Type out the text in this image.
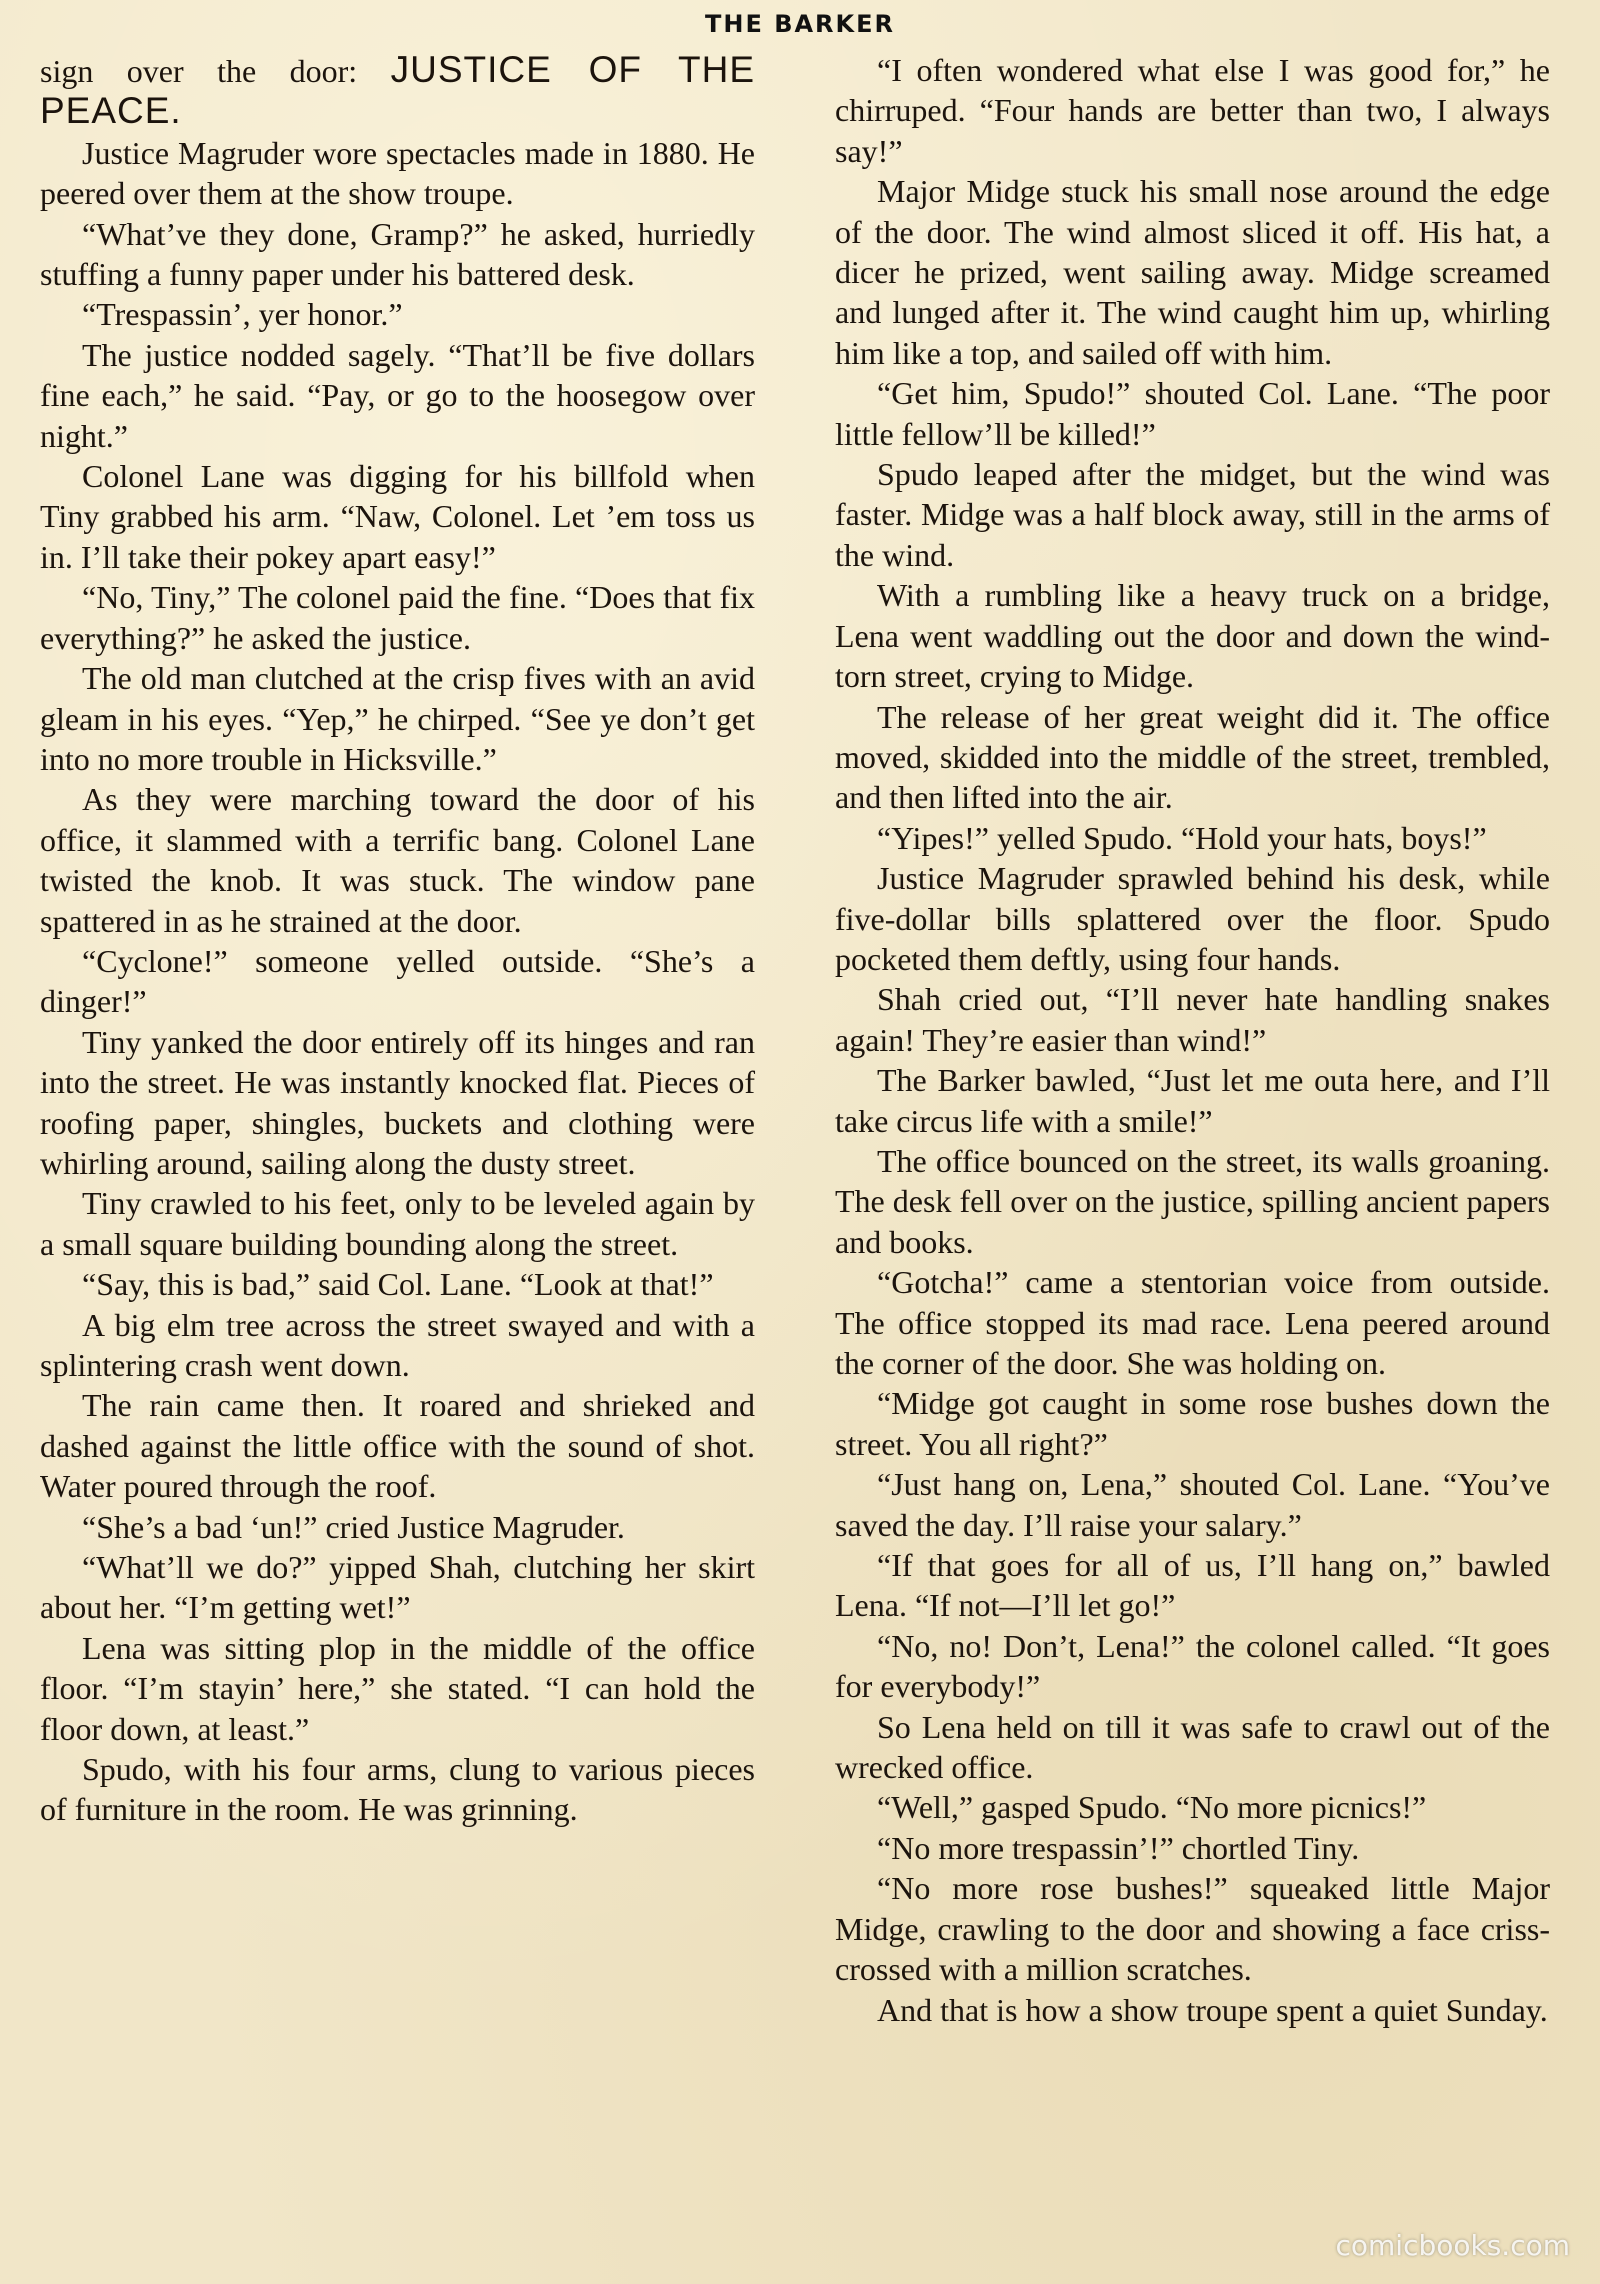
THE BARKER

sign over the door: JUSTICE OF THE PEACE.

Justice Magruder wore spectacles made in 1880. He peered over them at the show troupe.

“What’ve they done, Gramp?” he asked, hurriedly stuffing a funny paper under his battered desk.

“Trespassin’, yer honor.”

The justice nodded sagely. “That’ll be five dollars fine each,” he said. “Pay, or go to the hoosegow over night.”

Colonel Lane was digging for his billfold when Tiny grabbed his arm. “Naw, Colonel. Let ’em toss us in. I’ll take their pokey apart easy!”

“No, Tiny,” The colonel paid the fine. “Does that fix everything?” he asked the justice.

The old man clutched at the crisp fives with an avid gleam in his eyes. “Yep,” he chirped. “See ye don’t get into no more trouble in Hicksville.”

As they were marching toward the door of his office, it slammed with a terrific bang. Colonel Lane twisted the knob. It was stuck. The window pane spattered in as he strained at the door.

“Cyclone!” someone yelled outside. “She’s a dinger!”

Tiny yanked the door entirely off its hinges and ran into the street. He was instantly knocked flat. Pieces of roofing paper, shingles, buckets and clothing were whirling around, sailing along the dusty street.

Tiny crawled to his feet, only to be leveled again by a small square building bounding along the street.

“Say, this is bad,” said Col. Lane. “Look at that!”

A big elm tree across the street swayed and with a splintering crash went down.

The rain came then. It roared and shrieked and dashed against the little office with the sound of shot. Water poured through the roof.

“She’s a bad ‘un!” cried Justice Magruder.

“What’ll we do?” yipped Shah, clutching her skirt about her. “I’m getting wet!”

Lena was sitting plop in the middle of the office floor. “I’m stayin’ here,” she stated. “I can hold the floor down, at least.”

Spudo, with his four arms, clung to various pieces of furniture in the room. He was grinning.

“I often wondered what else I was good for,” he chirruped. “Four hands are better than two, I always say!”

Major Midge stuck his small nose around the edge of the door. The wind almost sliced it off. His hat, a dicer he prized, went sailing away. Midge screamed and lunged after it. The wind caught him up, whirling him like a top, and sailed off with him.

“Get him, Spudo!” shouted Col. Lane. “The poor little fellow’ll be killed!”

Spudo leaped after the midget, but the wind was faster. Midge was a half block away, still in the arms of the wind.

With a rumbling like a heavy truck on a bridge, Lena went waddling out the door and down the wind-torn street, crying to Midge.

The release of her great weight did it. The office moved, skidded into the middle of the street, trembled, and then lifted into the air.

“Yipes!” yelled Spudo. “Hold your hats, boys!”

Justice Magruder sprawled behind his desk, while five-dollar bills splattered over the floor. Spudo pocketed them deftly, using four hands.

Shah cried out, “I’ll never hate handling snakes again! They’re easier than wind!”

The Barker bawled, “Just let me outa here, and I’ll take circus life with a smile!”

The office bounced on the street, its walls groaning. The desk fell over on the justice, spilling ancient papers and books.

“Gotcha!” came a stentorian voice from outside. The office stopped its mad race. Lena peered around the corner of the door. She was holding on.

“Midge got caught in some rose bushes down the street. You all right?”

“Just hang on, Lena,” shouted Col. Lane. “You’ve saved the day. I’ll raise your salary.”

“If that goes for all of us, I’ll hang on,” bawled Lena. “If not—I’ll let go!”

“No, no! Don’t, Lena!” the colonel called. “It goes for everybody!”

So Lena held on till it was safe to crawl out of the wrecked office.

“Well,” gasped Spudo. “No more picnics!”

“No more trespassin’!” chortled Tiny.

“No more rose bushes!” squeaked little Major Midge, crawling to the door and showing a face criss-crossed with a million scratches.

And that is how a show troupe spent a quiet Sunday.

comicbooks.com
